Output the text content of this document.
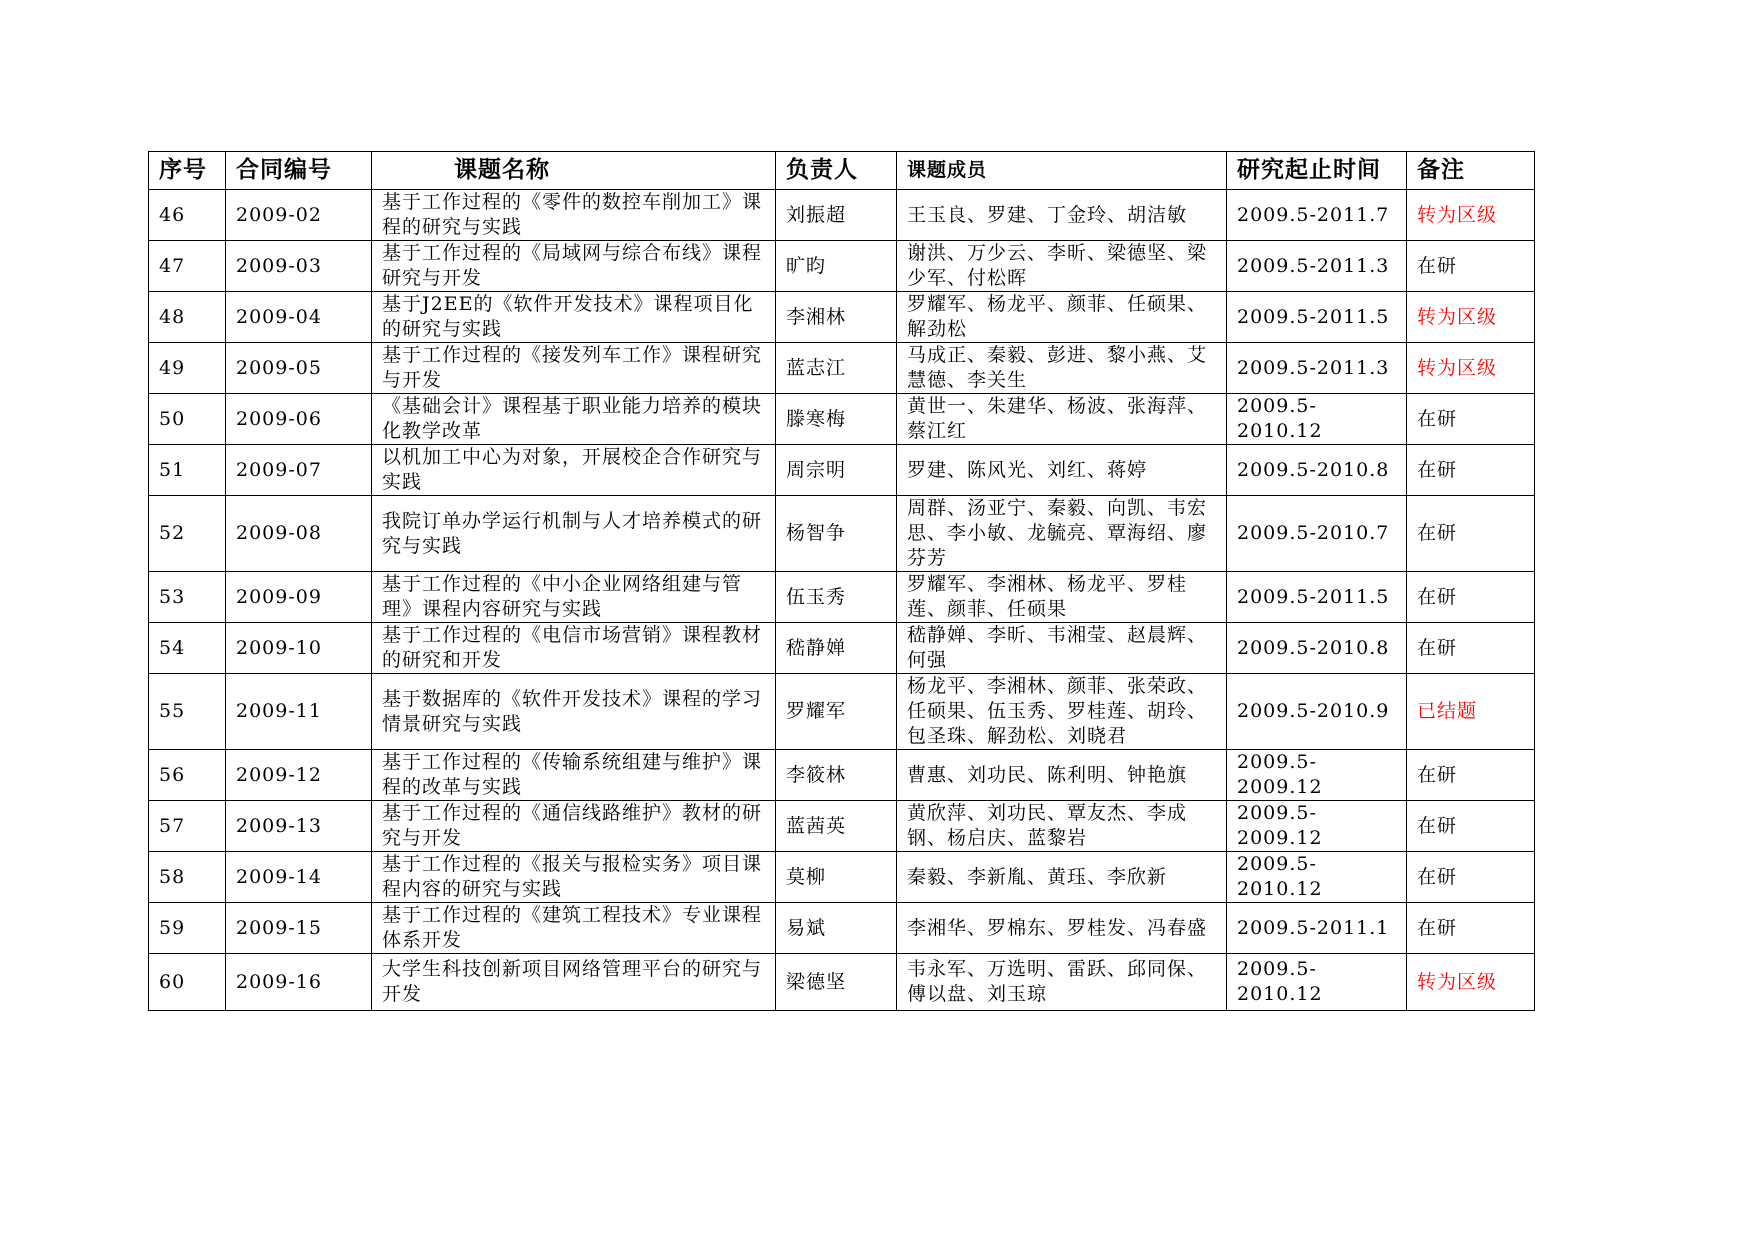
序号	合同编号	课题名称	负责人	课题成员	研究起止时间	备注
46	2009-02	基于工作过程的《零件的数控车削加工》课程的研究与实践	刘振超	王玉良、罗建、丁金玲、胡洁敏	2009.5-2011.7	转为区级
47	2009-03	基于工作过程的《局域网与综合布线》课程研究与开发	旷昀	谢洪、万少云、李昕、梁德坚、梁少军、付松晖	2009.5-2011.3	在研
48	2009-04	基于J2EE的《软件开发技术》课程项目化的研究与实践	李湘林	罗耀军、杨龙平、颜菲、任硕果、解劲松	2009.5-2011.5	转为区级
49	2009-05	基于工作过程的《接发列车工作》课程研究与开发	蓝志江	马成正、秦毅、彭进、黎小燕、艾慧德、李关生	2009.5-2011.3	转为区级
50	2009-06	《基础会计》课程基于职业能力培养的模块化教学改革	滕寒梅	黄世一、朱建华、杨波、张海萍、蔡江红	2009.5-2010.12	在研
51	2009-07	以机加工中心为对象，开展校企合作研究与实践	周宗明	罗建、陈风光、刘红、蒋婷	2009.5-2010.8	在研
52	2009-08	我院订单办学运行机制与人才培养模式的研究与实践	杨智争	周群、汤亚宁、秦毅、向凯、韦宏思、李小敏、龙毓亮、覃海绍、廖芬芳	2009.5-2010.7	在研
53	2009-09	基于工作过程的《中小企业网络组建与管理》课程内容研究与实践	伍玉秀	罗耀军、李湘林、杨龙平、罗桂莲、颜菲、任硕果	2009.5-2011.5	在研
54	2009-10	基于工作过程的《电信市场营销》课程教材的研究和开发	嵇静婵	嵇静婵、李昕、韦湘莹、赵晨辉、何强	2009.5-2010.8	在研
55	2009-11	基于数据库的《软件开发技术》课程的学习情景研究与实践	罗耀军	杨龙平、李湘林、颜菲、张荣政、任硕果、伍玉秀、罗桂莲、胡玲、包圣珠、解劲松、刘晓君	2009.5-2010.9	已结题
56	2009-12	基于工作过程的《传输系统组建与维护》课程的改革与实践	李筱林	曹惠、刘功民、陈利明、钟艳旗	2009.5-2009.12	在研
57	2009-13	基于工作过程的《通信线路维护》教材的研究与开发	蓝茜英	黄欣萍、刘功民、覃友杰、李成钢、杨启庆、蓝黎岩	2009.5-2009.12	在研
58	2009-14	基于工作过程的《报关与报检实务》项目课程内容的研究与实践	莫柳	秦毅、李新胤、黄珏、李欣新	2009.5-2010.12	在研
59	2009-15	基于工作过程的《建筑工程技术》专业课程体系开发	易斌	李湘华、罗棉东、罗桂发、冯春盛	2009.5-2011.1	在研
60	2009-16	大学生科技创新项目网络管理平台的研究与开发	梁德坚	韦永军、万选明、雷跃、邱同保、傅以盘、刘玉琼	2009.5-2010.12	转为区级
